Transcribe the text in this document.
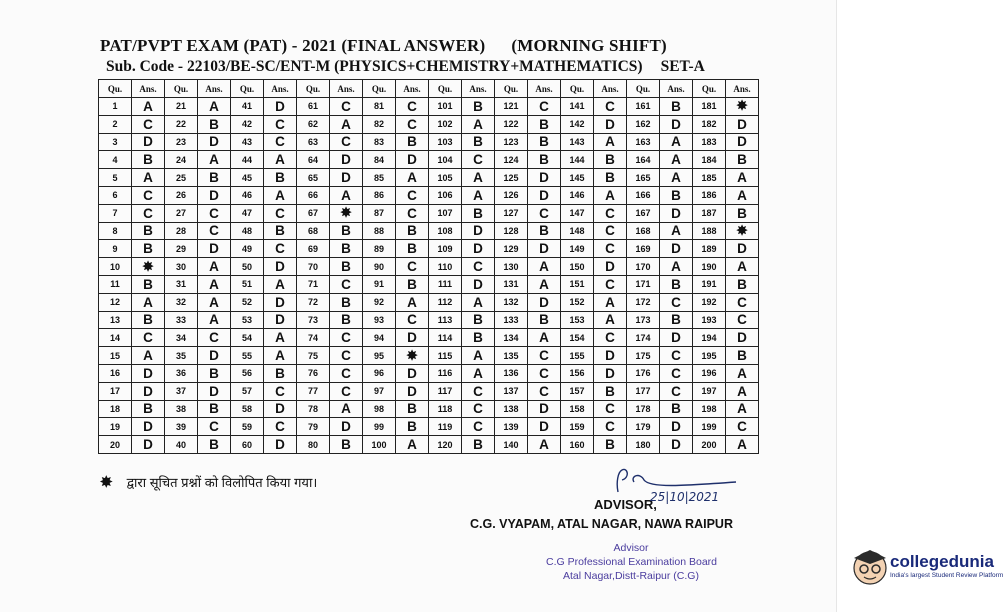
PAT/PVPT EXAM (PAT) - 2021 (FINAL ANSWER) (MORNING SHIFT)
Sub. Code - 22103/BE-SC/ENT-M (PHYSICS+CHEMISTRY+MATHEMATICS) SET-A
Qu.	Ans.	Qu.	Ans.	Qu.	Ans.	Qu.	Ans.	Qu.	Ans.	Qu.	Ans.	Qu.	Ans.	Qu.	Ans.	Qu.	Ans.	Qu.	Ans.
1	A	21	A	41	D	61	C	81	C	101	B	121	C	141	C	161	B	181	✸
2	C	22	B	42	C	62	A	82	C	102	A	122	B	142	D	162	D	182	D
3	D	23	D	43	C	63	C	83	B	103	B	123	B	143	A	163	A	183	D
4	B	24	A	44	A	64	D	84	D	104	C	124	B	144	B	164	A	184	B
5	A	25	B	45	B	65	D	85	A	105	A	125	D	145	B	165	A	185	A
6	C	26	D	46	A	66	A	86	C	106	A	126	D	146	A	166	B	186	A
7	C	27	C	47	C	67	✸	87	C	107	B	127	C	147	C	167	D	187	B
8	B	28	C	48	B	68	B	88	B	108	D	128	B	148	C	168	A	188	✸
9	B	29	D	49	C	69	B	89	B	109	D	129	D	149	C	169	D	189	D
10	✸	30	A	50	D	70	B	90	C	110	C	130	A	150	D	170	A	190	A
11	B	31	A	51	A	71	C	91	B	111	D	131	A	151	C	171	B	191	B
12	A	32	A	52	D	72	B	92	A	112	A	132	D	152	A	172	C	192	C
13	B	33	A	53	D	73	B	93	C	113	B	133	B	153	A	173	B	193	C
14	C	34	C	54	A	74	C	94	D	114	B	134	A	154	C	174	D	194	D
15	A	35	D	55	A	75	C	95	✸	115	A	135	C	155	D	175	C	195	B
16	D	36	B	56	B	76	C	96	D	116	A	136	C	156	D	176	C	196	A
17	D	37	D	57	C	77	C	97	D	117	C	137	C	157	B	177	C	197	A
18	B	38	B	58	D	78	A	98	B	118	C	138	D	158	C	178	B	198	A
19	D	39	C	59	C	79	D	99	B	119	C	139	D	159	C	179	D	199	C
20	D	40	B	60	D	80	B	100	A	120	B	140	A	160	B	180	D	200	A
✸ द्वारा सूचित प्रश्नों को विलोपित किया गया।
ADVISOR,
25|10|2021
C.G. VYAPAM, ATAL NAGAR, NAWA RAIPUR
Advisor
C.G Professional Examination Board
Atal Nagar,Distt-Raipur (C.G)
collegedunia
India's largest Student Review Platform
